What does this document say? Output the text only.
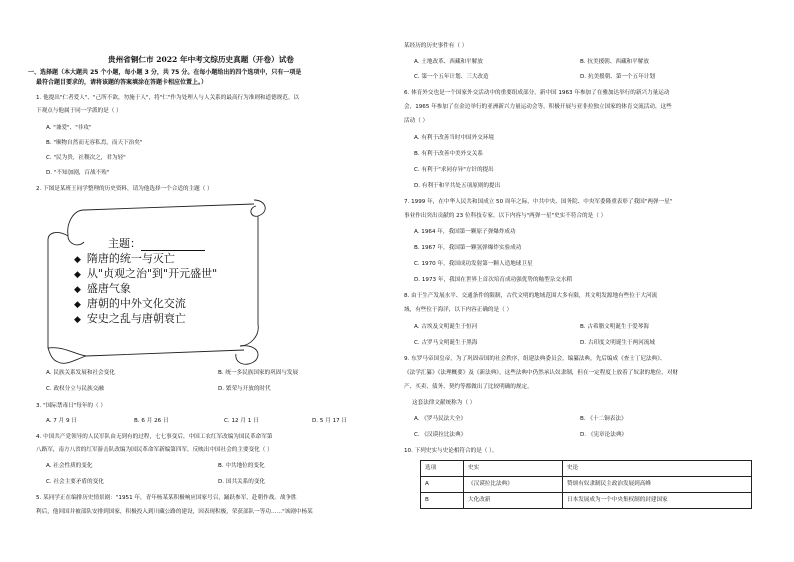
贵州省铜仁市 2022 年中考文综历史真题（开卷）试卷
一、选择题（本大题共 25 个小题，每小题 3 分，共 75 分。在每小题给出的四个选项中，只有一项是
最符合题目要求的，请将该题的答案填涂在答题卡相应位置上。）
1. 他提出"仁者爱人"、"己所不欲，勿施于人"，将"仁"作为处理人与人关系的最高行为准则和道德规范。以
下观点与他属于同一学派的是（ ）
A. "兼爱"、"非攻"
B. "顺物自然而无容私焉，而天下治矣"
C. "民为贵，社稷次之，君为轻"
D. "不知加剧，百战不殆"
2. 下图是某班王同学整理的历史资料，请为他选择一个合适的主题（ ）
主题：
◆ 隋唐的统一与灭亡
◆ 从"贞观之治"到"开元盛世"
◆ 盛唐气象
◆ 唐朝的中外文化交流
◆ 安史之乱与唐朝衰亡
A. 民族关系发展和社会变化	B. 统一多民族国家的巩固与发展
C. 政权分立与民族交融	D. 繁荣与开放的时代
3. "国际禁毒日"每年的（ ）
A. 7 月 9 日	B. 6 月 26 日	C. 12 月 1 日	D. 5 月 17 日
4. 中国共产党领导的人民军队由无到有的过程，七七事变后，中国工农红军改编为国民革命军第
八路军，南方八省的红军游击队改编为国民革命军新编第四军，反映出中国社会的主要变化（ ）
A. 社会性质的变化	B. 中共地位的变化
C. 社会主要矛盾的变化	D. 国共关系的变化
5. 某同学正在编排历史情景剧："1951 年，青年杨某某积极响应国家号召，踊跃参军，赴朝作战。战争胜
利后，他回国并被部队安排到国家，积极投入到川藏公路的建设，因表现积极，荣获部队一等功……"该剧中杨某
某经历的历史事件有（ ）
A. 土地改革、西藏和平解放	B. 抗美援朝、西藏和平解放
C. 第一个五年计划、三大改造	D. 抗美援朝、第一个五年计划
6. 体育外交也是一个国家外交活动中的重要组成部分，新中国 1963 年参加了在雅加达举行的新兴力量运动
会，1965 年参加了在金边举行的亚洲新兴力量运动会等，积极开展与亚非拉独立国家的体育交流活动，这些
活动（ ）
A. 有利于改善当时中国外交环境
B. 有利于改善中美外交关系
C. 有利于"求同存异"方针的提出
D. 有利于和平共处五项原则的提出
7. 1999 年，在中华人民共和国成立 50 周年之际，中共中央、国务院、中央军委隆重表彰了我国"两弹一星"
事业作出突出贡献的 23 位科技专家。以下内容与"两弹一星"史实不符合的是（ ）
A. 1964 年，我国第一颗原子弹爆炸成功
B. 1967 年，我国第一颗氢弹爆炸实验成功
C. 1970 年，我国成功发射第一颗人造地球卫星
D. 1973 年，我国在世界上首次培育成功强优势的籼型杂交水稻
8. 由于生产发展水平、交通条件的限制，古代文明的地域范围大多有限，其文明发源地有些位于大河流
域，有些位于海洋，以下内容正确的是（ ）
A. 古埃及文明诞生于恒河	B. 古希腊文明诞生于爱琴海
C. 古罗马文明诞生于黑海	D. 古印度文明诞生于两河流域
9. 东罗马帝国皇帝，为了巩固帝国的社会秩序，组建法典委员会，编纂法典，先后编成《查士丁尼法典》、
《法学汇纂》《法理概要》及《新法典》，这些法典中仍然承认奴隶制，但在一定程度上放着了奴隶的地位，对财
产、买卖、债务、契约等都做出了比较明确的规定。
这套法律文献统称为（ ）
A. 《罗马民法大全》	B. 《十二铜表法》
C. 《汉谟拉比法典》	D. 《宪章论法典》
10. 下列史实与史论相符合的是（ ）。
选项	史实	史论
A	《汉谟拉比法典》	赞颂有奴隶制民主政治发展到高峰
B	大化改新	日本发展成为一个中央集权制的封建国家
